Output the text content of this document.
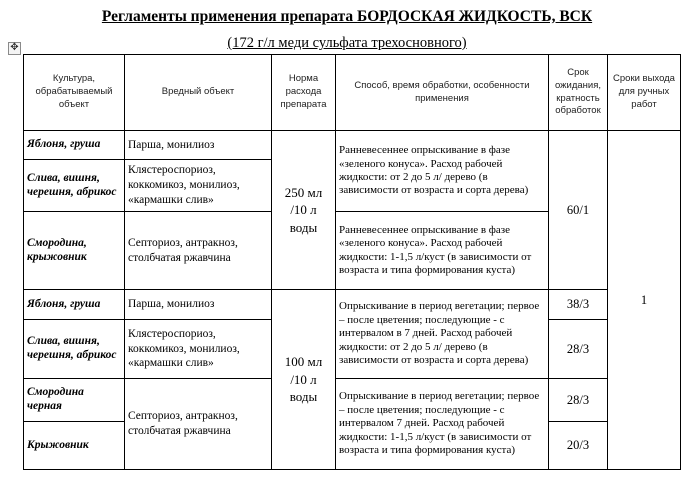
Регламенты применения препарата БОРДОСКАЯ ЖИДКОСТЬ, ВСК
(172 г/л меди сульфата трехосновного)
✥
Культура, обрабатываемый объект	Вредный объект	Норма расхода препарата	Способ, время обработки, особенности применения	Срок ожидания, кратность обработок	Сроки выхода для ручных работ
Яблоня, груша	Парша, монилиоз	250 мл /10 л воды	Ранневесеннее опрыскивание в фазе «зеленого конуса». Расход рабочей жидкости: от 2 до 5 л/ дерево (в зависимости от возраста и сорта дерева)	60/1	1
Слива, вишня, черешня, абрикос	Клястероспориоз, коккомикоз, монилиоз, «кармашки слив»				
Смородина, крыжовник	Септориоз, антракноз, столбчатая ржавчина		Ранневесеннее опрыскивание в фазе «зеленого конуса». Расход рабочей жидкости: 1-1,5 л/куст (в зависимости от возраста и типа формирования куста)		
Яблоня, груша	Парша, монилиоз	100 мл /10 л воды	Опрыскивание в период вегетации; первое – после цветения; последующие - с интервалом в 7 дней. Расход рабочей жидкости: от 2 до 5 л/ дерево (в зависимости от возраста и сорта дерева)	38/3	
Слива, вишня, черешня, абрикос	Клястероспориоз, коккомикоз, монилиоз, «кармашки слив»			28/3	
Смородина черная	Септориоз, антракноз, столбчатая ржавчина		Опрыскивание в период вегетации; первое – после цветения; последующие - с интервалом 7 дней. Расход рабочей жидкости: 1-1,5 л/куст (в зависимости от возраста и типа формирования куста)	28/3	
Крыжовник				20/3	
